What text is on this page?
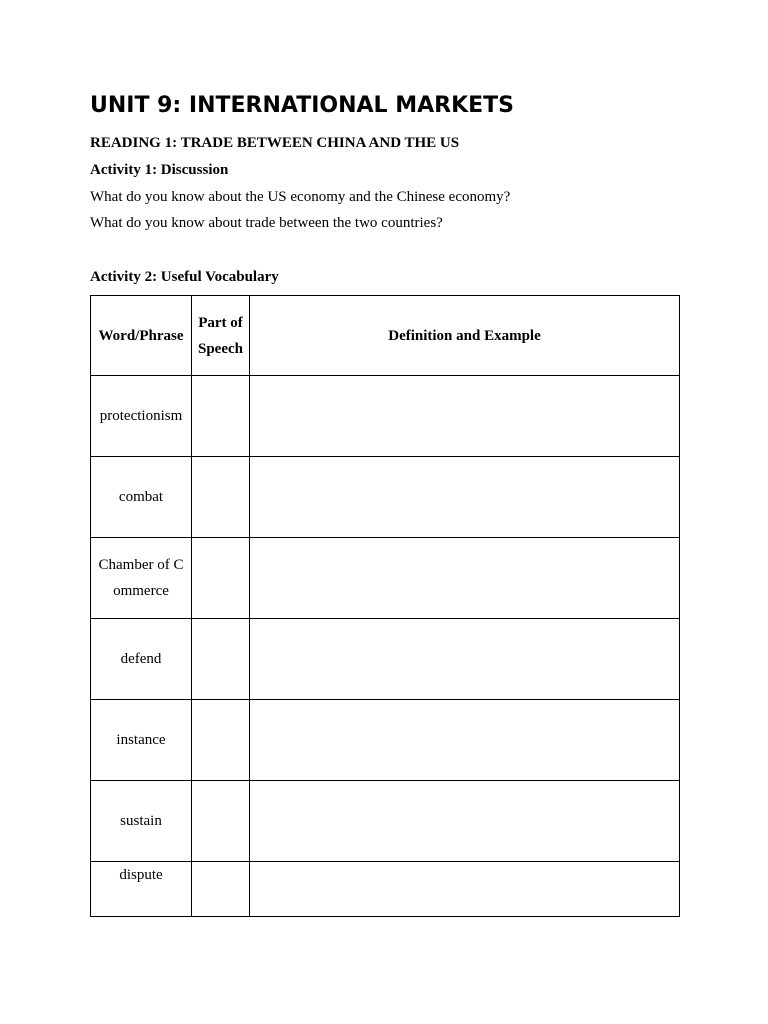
UNIT 9: INTERNATIONAL MARKETS

READING 1: TRADE BETWEEN CHINA AND THE US

Activity 1: Discussion

What do you know about the US economy and the Chinese economy?

What do you know about trade between the two countries?

Activity 2: Useful Vocabulary

Word/Phrase	Part of Speech	Definition and Example
protectionism		
combat		
Chamber of Commerce		
defend		
instance		
sustain		
dispute		
